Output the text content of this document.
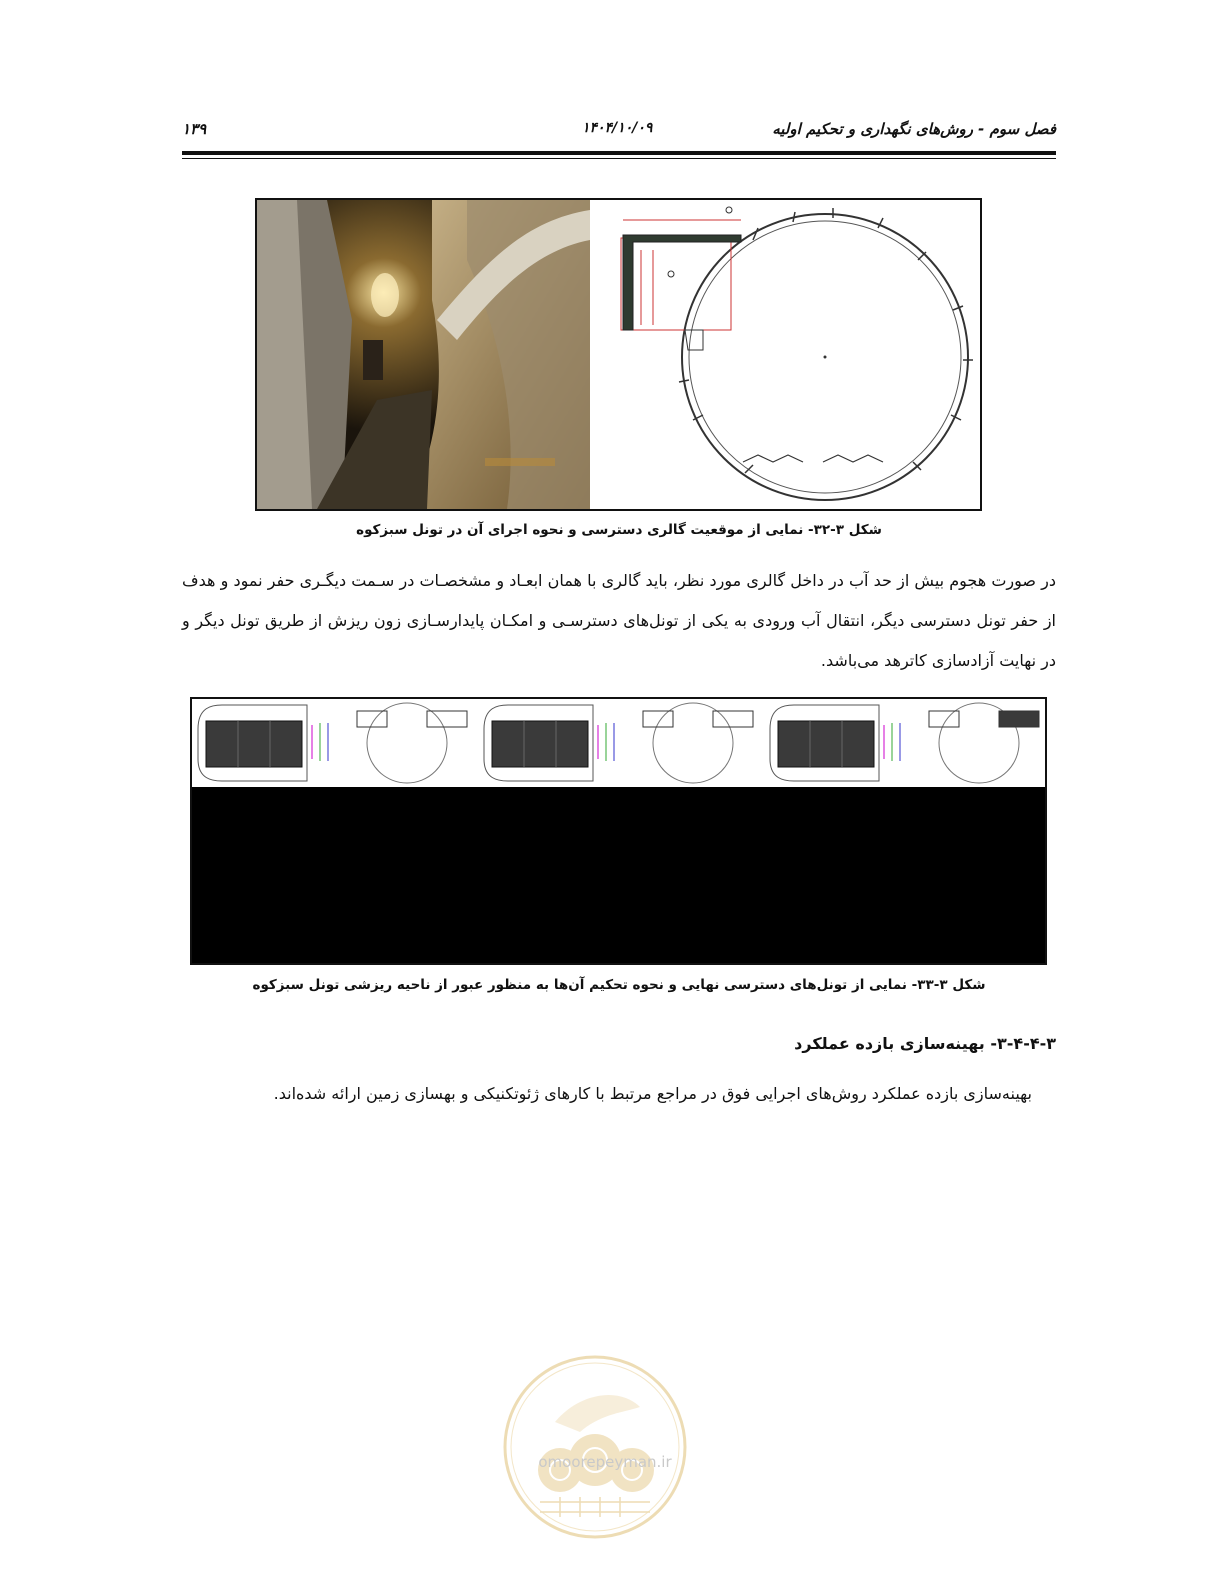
فصل سوم - روش‌های نگهداری و تحکیم اولیه
۱۴۰۴/۱۰/۰۹
۱۳۹
شکل ۳-۳۲- نمایی از موقعیت گالری دسترسی و نحوه اجرای آن در تونل سبزکوه
در صورت هجوم بیش از حد آب در داخل گالری مورد نظر، باید گالری با همان ابعـاد و مشخصـات در سـمت دیگـری حفر نمود و هدف از حفر تونل دسترسی دیگر، انتقال آب ورودی به یکی از تونل‌های دسترسـی و امکـان پایدارسـازی زون ریزش از طریق تونل دیگر و در نهایت آزادسازی کاترهد می‌باشد.
شکل ۳-۳۳- نمایی از تونل‌های دسترسی نهایی و نحوه تحکیم آن‌ها به منظور عبور از ناحیه ریزشی تونل سبزکوه
۳-۴-۴-۳- بهینه‌سازی بازده عملکرد
بهینه‌سازی بازده عملکرد روش‌های اجرایی فوق در مراجع مرتبط با کارهای ژئوتکنیکی و بهسازی زمین ارائه شده‌اند.
omoorepeyman.ir
